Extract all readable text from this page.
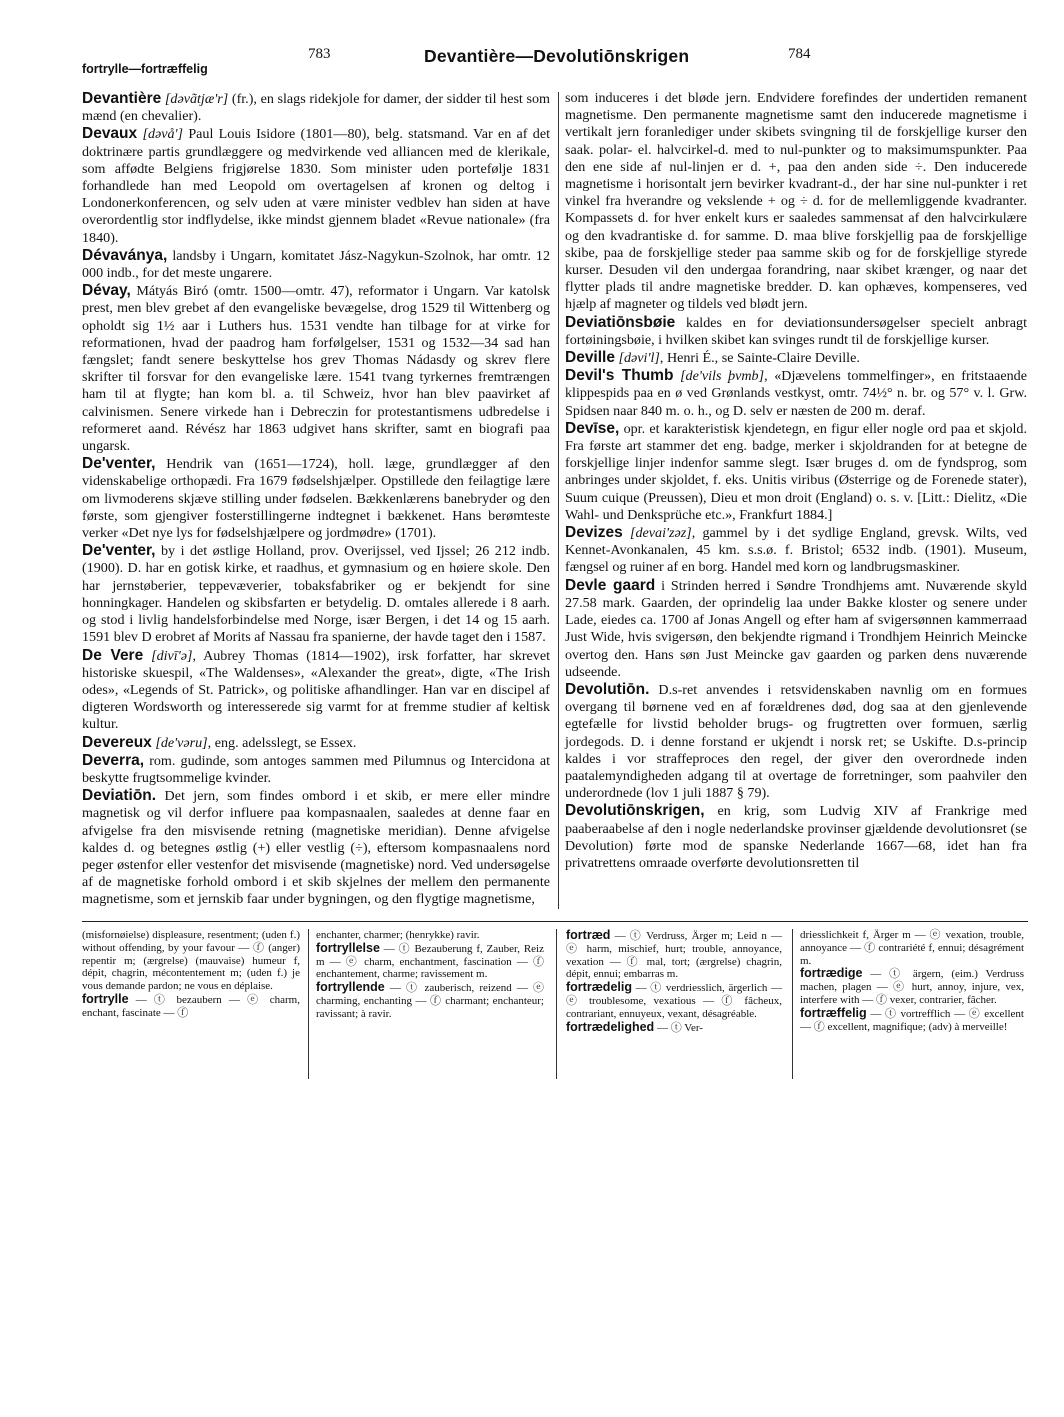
fortrylle—fortræffelig
783	Devantière—Devolutiōnskrigen	784

Devantière [dəvãtjæ'r] (fr.), en slags ridekjole for damer, der sidder til hest som mænd (en chevalier).

Devaux [dəvå'] Paul Louis Isidore (1801—80), belg. statsmand. Var en af det doktrinære partis grundlæggere og medvirkende ved alliancen med de klerikale, som affødte Belgiens frigjørelse 1830. Som minister uden portefølje 1831 forhandlede han med Leopold om overtagelsen af kronen og deltog i Londonerkonferencen, og selv uden at være minister vedblev han siden at have overordentlig stor indflydelse, ikke mindst gjennem bladet «Revue nationale» (fra 1840).

Dévaványa, landsby i Ungarn, komitatet Jász-Nagykun-Szolnok, har omtr. 12 000 indb., for det meste ungarere.

Dévay, Mátyás Biró (omtr. 1500—omtr. 47), reformator i Ungarn. Var katolsk prest, men blev grebet af den evangeliske bevægelse, drog 1529 til Wittenberg og opholdt sig 1½ aar i Luthers hus. 1531 vendte han tilbage for at virke for reformationen, hvad der paadrog ham forfølgelser, 1531 og 1532—34 sad han fængslet; fandt senere beskyttelse hos grev Thomas Nádasdy og skrev flere skrifter til forsvar for den evangeliske lære. 1541 tvang tyrkernes fremtrængen ham til at flygte; han kom bl. a. til Schweiz, hvor han blev paavirket af calvinismen. Senere virkede han i Debreczin for protestantismens udbredelse i reformeret aand. Révész har 1863 udgivet hans skrifter, samt en biografi paa ungarsk.

De'venter, Hendrik van (1651—1724), holl. læge, grundlægger af den videnskabelige orthopædi. Fra 1679 fødselshjælper. Opstillede den feilagtige lære om livmoderens skjæve stilling under fødselen. Bækkenlærens banebryder og den første, som gjengiver fosterstillingerne indtegnet i bækkenet. Hans berømteste verker «Det nye lys for fødselshjælpere og jordmødre» (1701).

De'venter, by i det østlige Holland, prov. Overijssel, ved Ijssel; 26 212 indb. (1900). D. har en gotisk kirke, et raadhus, et gymnasium og en høiere skole. Den har jernstøberier, teppevæverier, tobaksfabriker og er bekjendt for sine honningkager. Handelen og skibsfarten er betydelig. D. omtales allerede i 8 aarh. og stod i livlig handelsforbindelse med Norge, især Bergen, i det 14 og 15 aarh. 1591 blev D erobret af Morits af Nassau fra spanierne, der havde taget den i 1587.

De Vere [divī'ə], Aubrey Thomas (1814—1902), irsk forfatter, har skrevet historiske skuespil, «The Waldenses», «Alexander the great», digte, «The Irish odes», «Legends of St. Patrick», og politiske afhandlinger. Han var en discipel af digteren Wordsworth og interesserede sig varmt for at fremme studier af keltisk kultur.

Devereux [de'vəru], eng. adelsslegt, se Essex.

Deverra, rom. gudinde, som antoges sammen med Pilumnus og Intercidona at beskytte frugtsommelige kvinder.

Deviatiōn. Det jern, som findes ombord i et skib, er mere eller mindre magnetisk og vil derfor influere paa kompasnaalen, saaledes at denne faar en afvigelse fra den misvisende retning (magnetiske meridian). Denne afvigelse kaldes d. og betegnes østlig (+) eller vestlig (÷), eftersom kompasnaalens nord peger østenfor eller vestenfor det misvisende (magnetiske) nord. Ved undersøgelse af de magnetiske forhold ombord i et skib skjelnes der mellem den permanente magnetisme, som et jernskib faar under bygningen, og den flygtige magnetisme,

som induceres i det bløde jern. Endvidere forefindes der undertiden remanent magnetisme. Den permanente magnetisme samt den inducerede magnetisme i vertikalt jern foranlediger under skibets svingning til de forskjellige kurser den saak. polar- el. halvcirkel-d. med to nul-punkter og to maksimumspunkter. Paa den ene side af nul-linjen er d. +, paa den anden side ÷. Den inducerede magnetisme i horisontalt jern bevirker kvadrant-d., der har sine nul-punkter i ret vinkel fra hverandre og vekslende + og ÷ d. for de mellemliggende kvadranter. Kompassets d. for hver enkelt kurs er saaledes sammensat af den halvcirkulære og den kvadrantiske d. for samme. D. maa blive forskjellig paa de forskjellige skibe, paa de forskjellige steder paa samme skib og for de forskjellige styrede kurser. Desuden vil den undergaa forandring, naar skibet krænger, og naar det flytter plads til andre magnetiske bredder. D. kan ophæves, kompenseres, ved hjælp af magneter og tildels ved blødt jern.

Deviatiōnsbøie kaldes en for deviationsundersøgelser specielt anbragt fortøiningsbøie, i hvilken skibet kan svinges rundt til de forskjellige kurser.

Deville [dəvi'l], Henri É., se Sainte-Claire Deville.

Devil's Thumb [de'vils þvmb], «Djævelens tommelfinger», en fritstaaende klippespids paa en ø ved Grønlands vestkyst, omtr. 74½° n. br. og 57° v. l. Grw. Spidsen naar 840 m. o. h., og D. selv er næsten de 200 m. deraf.

Devīse, opr. et karakteristisk kjendetegn, en figur eller nogle ord paa et skjold. Fra første art stammer det eng. badge, merker i skjoldranden for at betegne de forskjellige linjer indenfor samme slegt. Især bruges d. om de fyndsprog, som anbringes under skjoldet, f. eks. Unitis viribus (Østerrige og de Forenede stater), Suum cuique (Preussen), Dieu et mon droit (England) o. s. v. [Litt.: Dielitz, «Die Wahl- und Denksprüche etc.», Frankfurt 1884.]

Devizes [devai'zəz], gammel by i det sydlige England, grevsk. Wilts, ved Kennet-Avonkanalen, 45 km. s.s.ø. f. Bristol; 6532 indb. (1901). Museum, fængsel og ruiner af en borg. Handel med korn og landbrugsmaskiner.

Devle gaard i Strinden herred i Søndre Trondhjems amt. Nuværende skyld 27.58 mark. Gaarden, der oprindelig laa under Bakke kloster og senere under Lade, eiedes ca. 1700 af Jonas Angell og efter ham af svigersønnen kammerraad Just Wide, hvis svigersøn, den bekjendte rigmand i Trondhjem Heinrich Meincke overtog den. Hans søn Just Meincke gav gaarden og parken dens nuværende udseende.

Devolutiōn. D.s-ret anvendes i retsvidenskaben navnlig om en formues overgang til børnene ved en af forældrenes død, dog saa at den gjenlevende egtefælle for livstid beholder brugs- og frugtretten over formuen, særlig jordegods. D. i denne forstand er ukjendt i norsk ret; se Uskifte. D.s-princip kaldes i vor straffeproces den regel, der giver den overordnede inden paatalemyndigheden adgang til at overtage de forretninger, som paahviler den underordnede (lov 1 juli 1887 § 79).

Devolutiōnskrigen, en krig, som Ludvig XIV af Frankrige med paaberaabelse af den i nogle nederlandske provinser gjældende devolutionsret (se Devolution) førte mod de spanske Nederlande 1667—68, idet han fra privatrettens omraade overførte devolutionsretten til

(misfornøielse) displeasure, resentment; (uden f.) without offending, by your favour — ⓕ (anger) repentir m; (ærgrelse) (mauvaise) humeur f, dépit, chagrin, mécontentement m; (uden f.) je vous demande pardon; ne vous en déplaise.
fortrylle — ⓣ bezaubern — ⓔ charm, enchant, fascinate — ⓕ
enchanter, charmer; (henrykke) ravir.
fortryllelse — ⓣ Bezauberung f, Zauber, Reiz m — ⓔ charm, enchantment, fascination — ⓕ enchantement, charme; ravissement m.
fortryllende — ⓣ zauberisch, reizend — ⓔ charming, enchanting — ⓕ charmant; enchanteur; ravissant; à ravir.
fortræd — ⓣ Verdruss, Ärger m; Leid n — ⓔ harm, mischief, hurt; trouble, annoyance, vexation — ⓕ mal, tort; (ærgrelse) chagrin, dépit, ennui; embarras m.
fortrædelig — ⓣ verdriesslich, ärgerlich — ⓔ troublesome, vexatious — ⓕ fâcheux, contrariant, ennuyeux, vexant, désagréable.
fortrædelighed — ⓣ Ver-
driesslichkeit f, Ärger m — ⓔ vexation, trouble, annoyance — ⓕ contrariété f, ennui; désagrément m.
fortrædige — ⓣ ärgern, (eim.) Verdruss machen, plagen — ⓔ hurt, annoy, injure, vex, interfere with — ⓕ vexer, contrarier, fâcher.
fortræffelig — ⓣ vortrefflich — ⓔ excellent — ⓕ excellent, magnifique; (adv) à merveille!
